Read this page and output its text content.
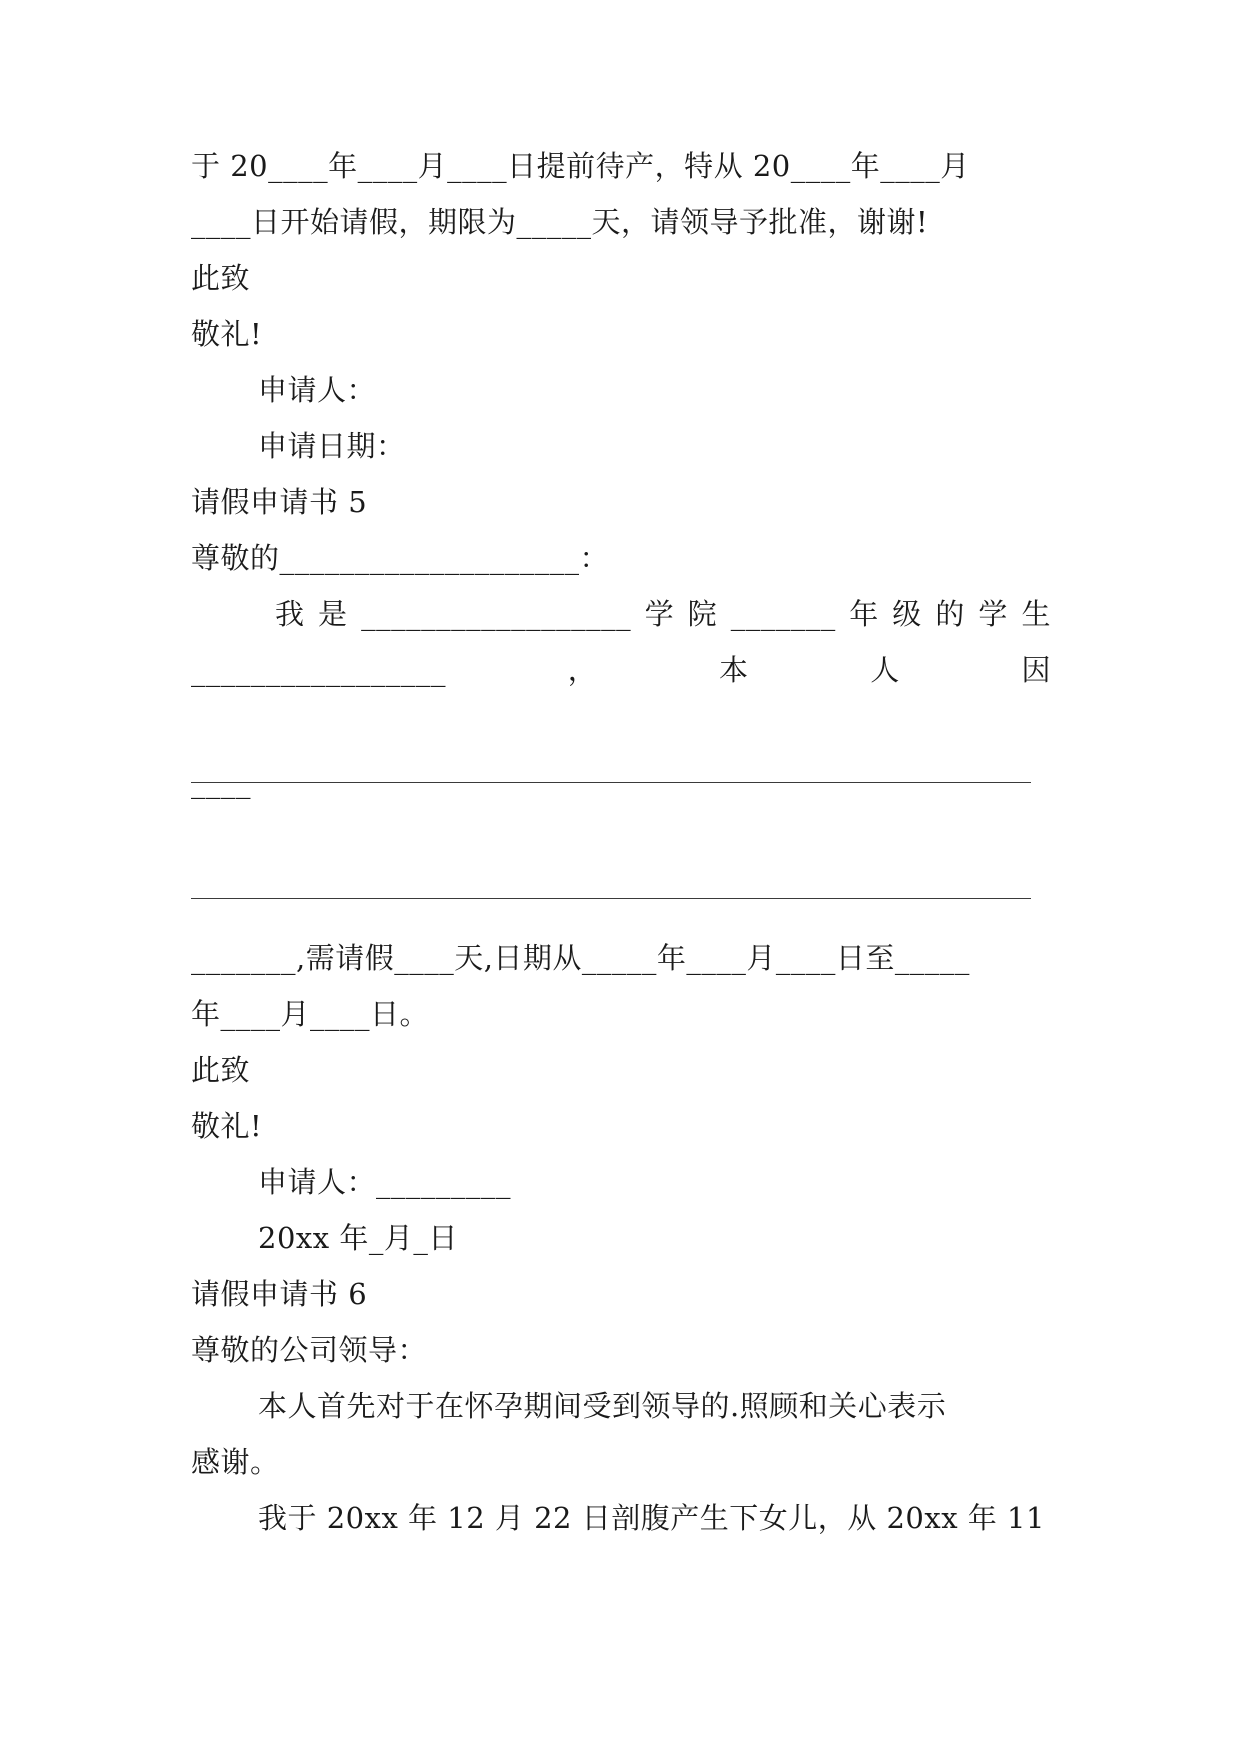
于 20____年____月____日提前待产，特从 20____年____月
____日开始请假，期限为_____天，请领导予批准，谢谢!
此致
敬礼!
申请人：
申请日期：
请假申请书 5
尊敬的____________________：
我 是 __________________ 学 院 _______ 年 级 的 学 生
_________________	，	本	人	因
____
_______,需请假____天,日期从_____年____月____日至_____
年____月____日。
此致
敬礼!
申请人：_________
20xx 年_月_日
请假申请书 6
尊敬的公司领导：
本人首先对于在怀孕期间受到领导的.照顾和关心表示
感谢。
我于 20xx 年 12 月 22 日剖腹产生下女儿，从 20xx 年 11
